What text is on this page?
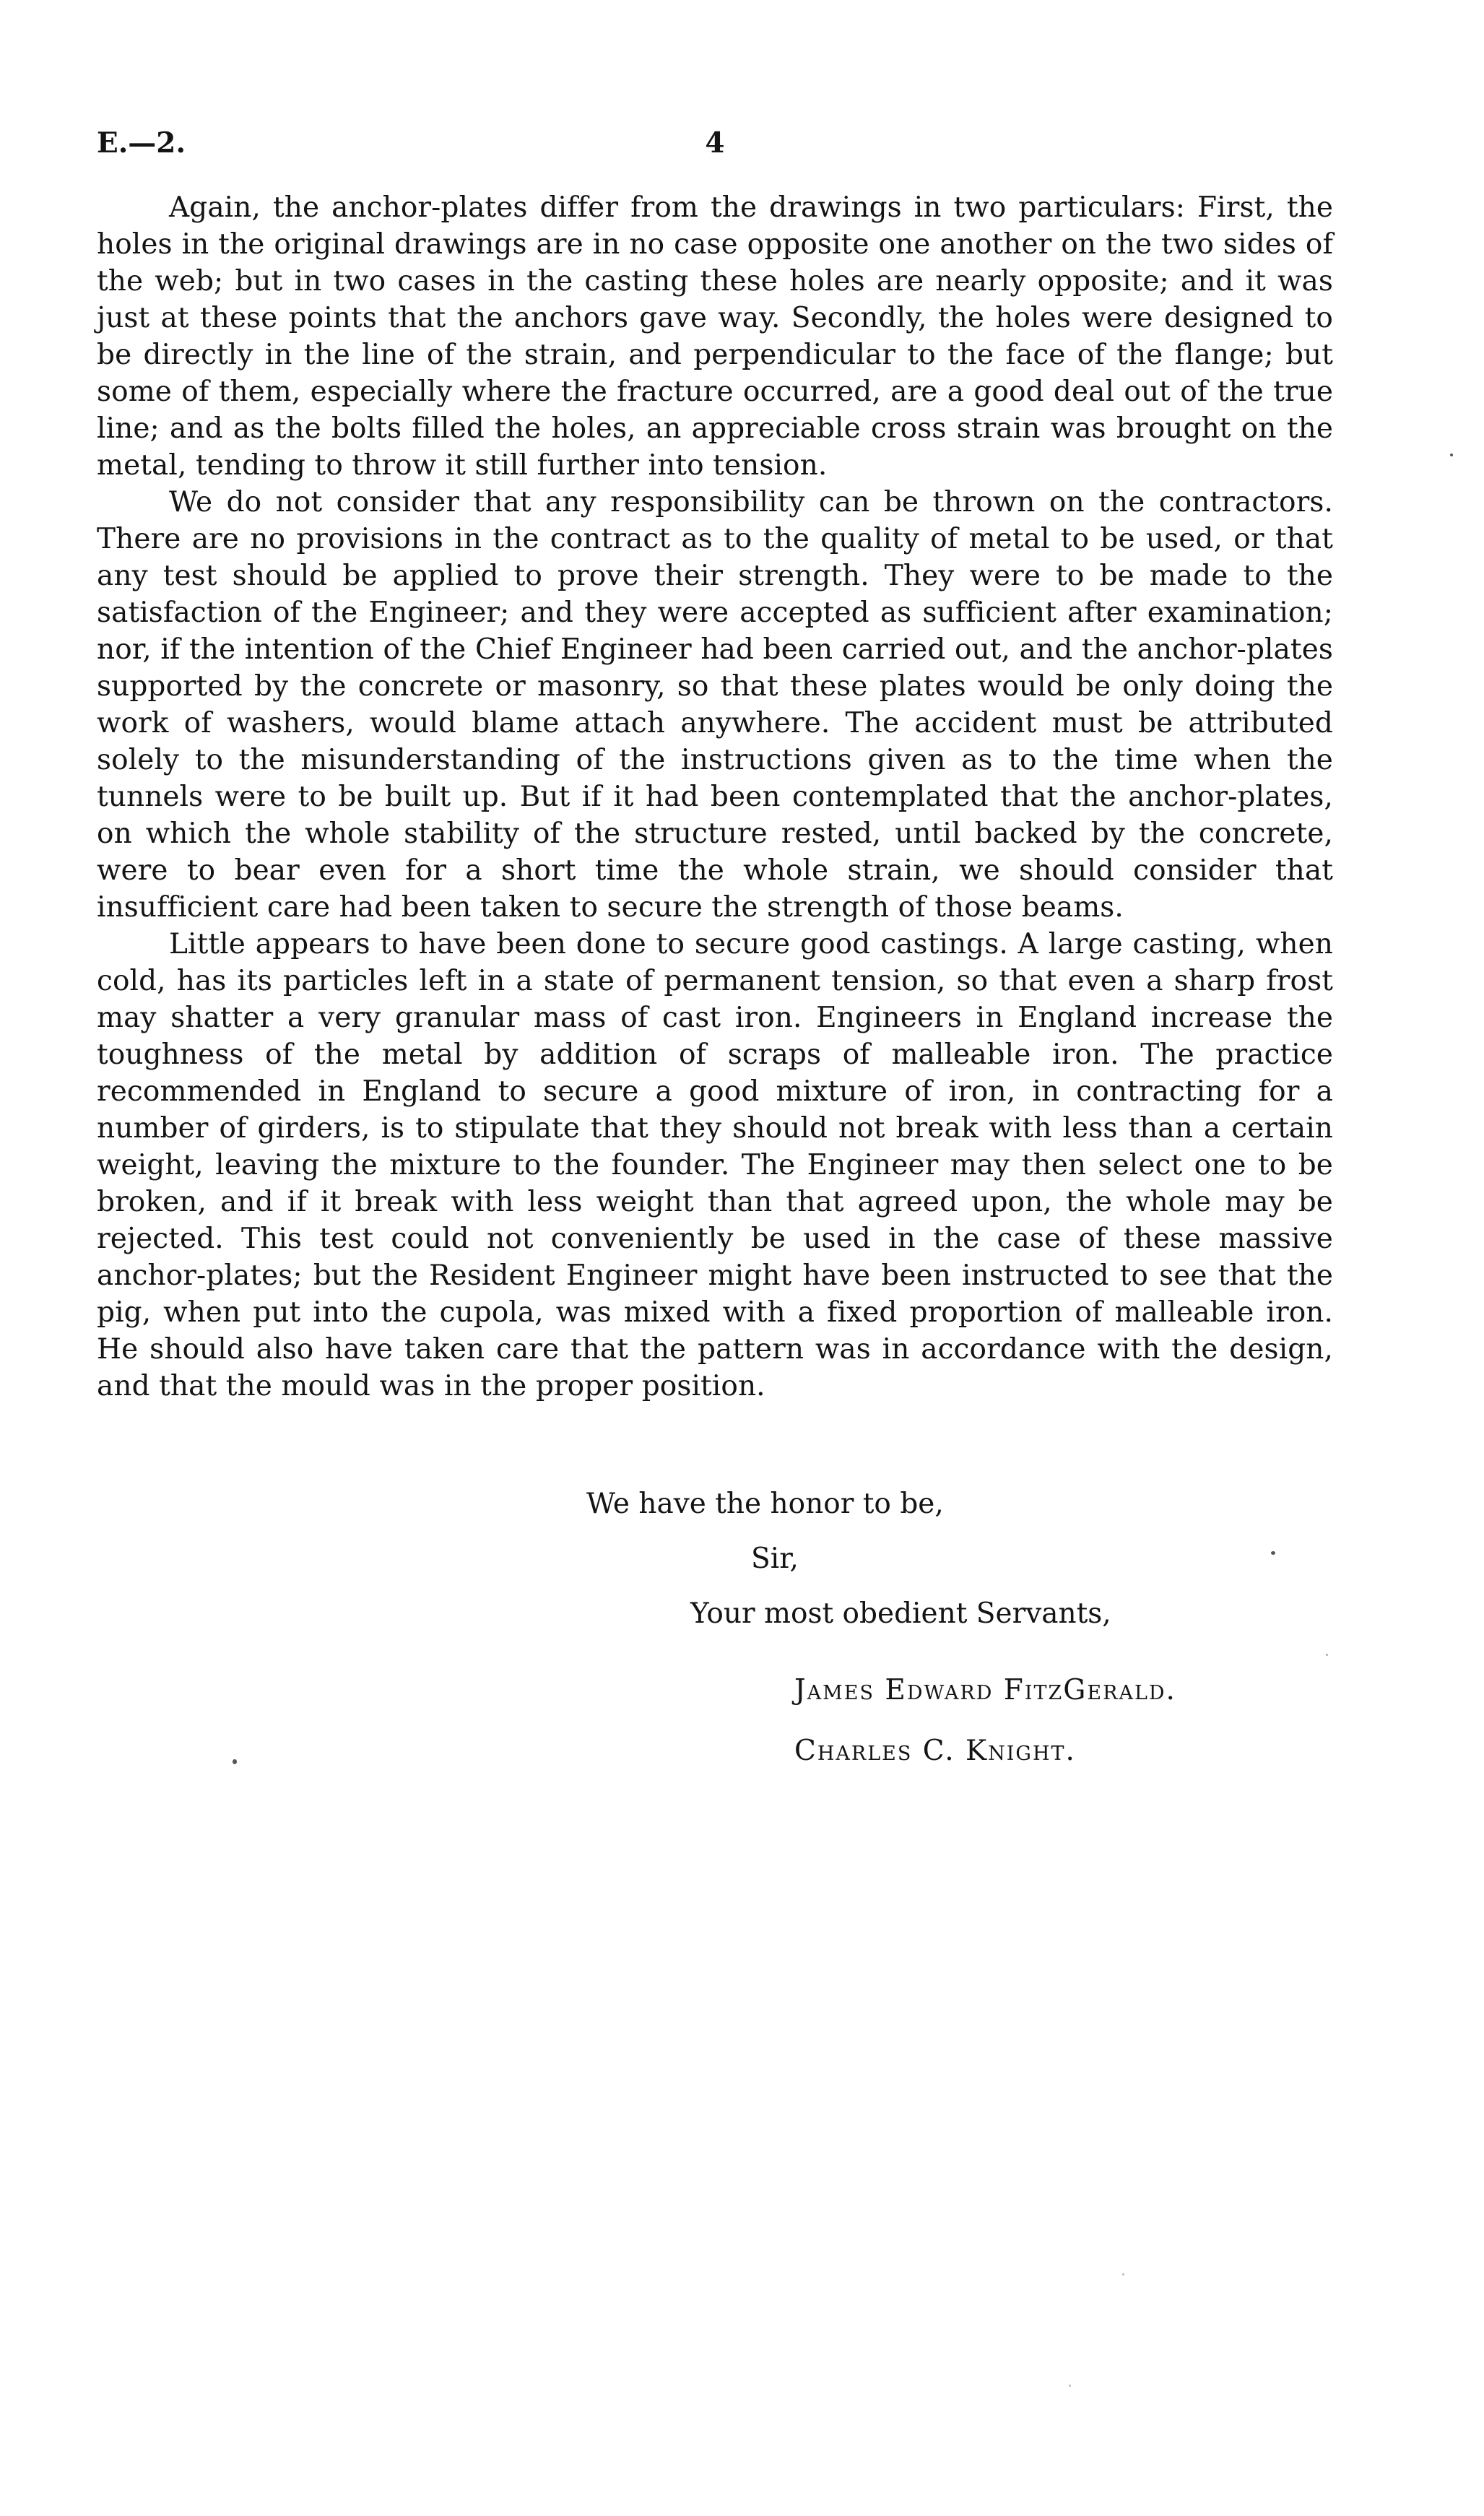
E.—2.	4

Again, the anchor-plates differ from the drawings in two particulars: First, the holes in the original drawings are in no case opposite one another on the two sides of the web; but in two cases in the casting these holes are nearly opposite; and it was just at these points that the anchors gave way. Secondly, the holes were designed to be directly in the line of the strain, and perpendicular to the face of the flange; but some of them, especially where the fracture occurred, are a good deal out of the true line; and as the bolts filled the holes, an appreciable cross strain was brought on the metal, tending to throw it still further into tension.

We do not consider that any responsibility can be thrown on the contractors. There are no provisions in the contract as to the quality of metal to be used, or that any test should be applied to prove their strength. They were to be made to the satisfaction of the Engineer; and they were accepted as sufficient after examination; nor, if the intention of the Chief Engineer had been carried out, and the anchor-plates supported by the concrete or masonry, so that these plates would be only doing the work of washers, would blame attach anywhere. The accident must be attributed solely to the misunderstanding of the instructions given as to the time when the tunnels were to be built up. But if it had been contemplated that the anchor-plates, on which the whole stability of the structure rested, until backed by the concrete, were to bear even for a short time the whole strain, we should consider that insufficient care had been taken to secure the strength of those beams.

Little appears to have been done to secure good castings. A large casting, when cold, has its particles left in a state of permanent tension, so that even a sharp frost may shatter a very granular mass of cast iron. Engineers in England increase the toughness of the metal by addition of scraps of malleable iron. The practice recommended in England to secure a good mixture of iron, in contracting for a number of girders, is to stipulate that they should not break with less than a certain weight, leaving the mixture to the founder. The Engineer may then select one to be broken, and if it break with less weight than that agreed upon, the whole may be rejected. This test could not conveniently be used in the case of these massive anchor-plates; but the Resident Engineer might have been instructed to see that the pig, when put into the cupola, was mixed with a fixed proportion of malleable iron. He should also have taken care that the pattern was in accordance with the design, and that the mould was in the proper position.

We have the honor to be,
Sir,
Your most obedient Servants,
James Edward FitzGerald.
Charles C. Knight.
